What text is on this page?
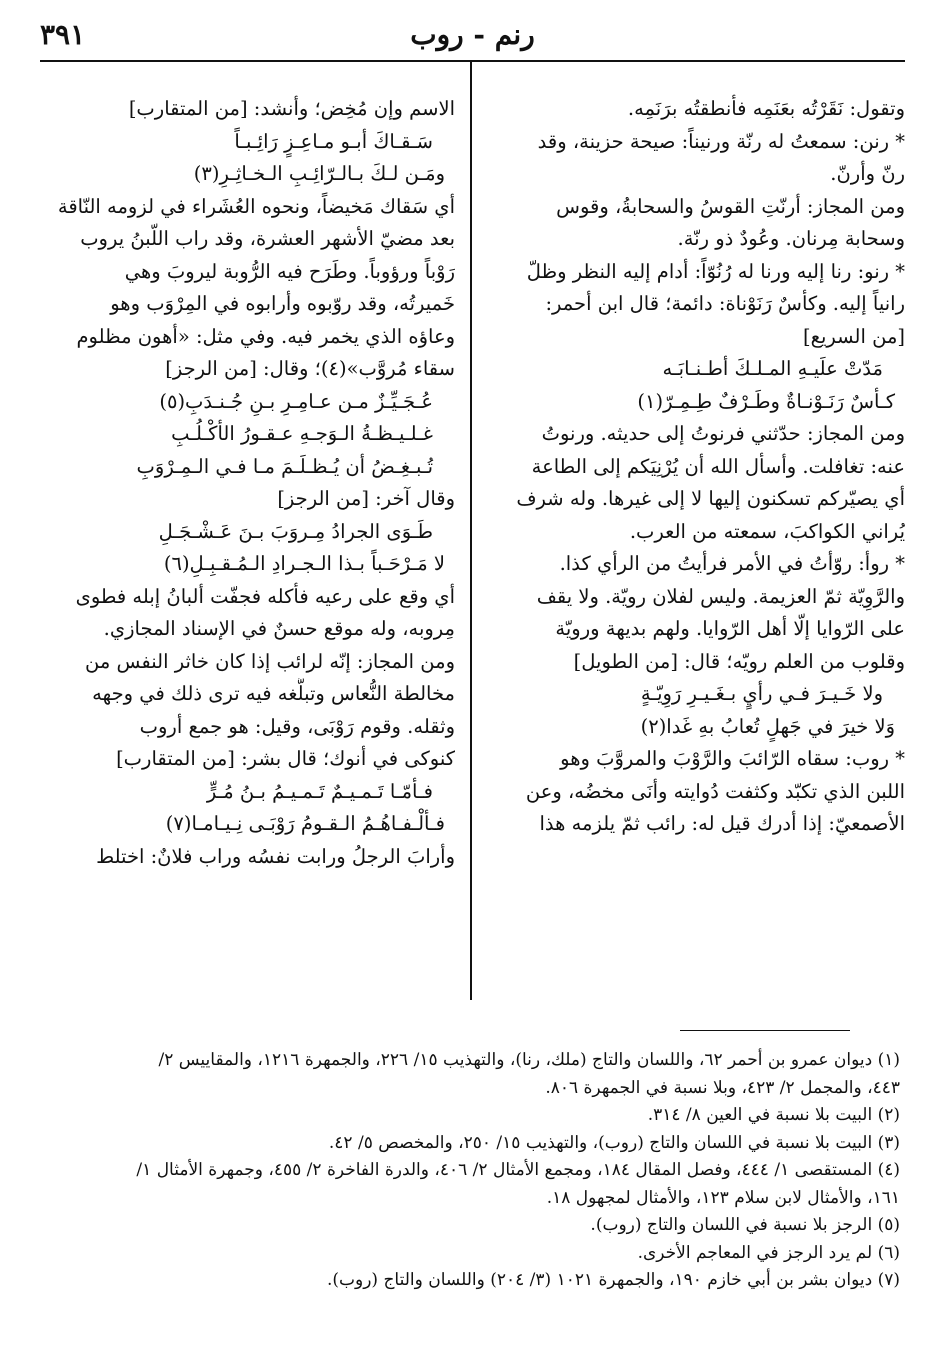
رنم - روب
٣٩١
وتقول: نَقَرْتُه بعَنَمِه فأنطقتُه برَنَمِه.
* رنن: سمعتُ له رنّة ورنيناً: صيحة حزينة، وقد
رنّ وأرنّ.
ومن المجاز: أرنّتِ القوسُ والسحابةُ، وقوس
وسحابة مِرنان. وعُودٌ ذو رنّة.
* رنو: رنا إليه ورنا له رُنُوّاً: أدام إليه النظر وظلّ
رانياً إليه. وكأسٌ رَنَوْناة: دائمة؛ قال ابن أحمر:
[من السريع]
مَدّتْ علَيـهِ المـلـكَ أطـنـابَـه
كـأسٌ رَنَـوْنـاةٌ وطَـرْفٌ طِـمِـرّ(١)
ومن المجاز: حدّثني فرنوتُ إلى حديثه. ورنوتُ
عنه: تغافلت. وأسأل الله أن يُرْنِيَكم إلى الطاعة
أي يصيّركم تسكنون إليها لا إلى غيرها. وله شرف
يُراني الكواكبَ، سمعته من العرب.
* روأ: روّأتُ في الأمر فرأيتُ من الرأي كذا.
والرَّوِيّة ثمّ العزيمة. وليس لفلان رويّة. ولا يقف
على الرّوايا إلّا أهل الرّوايا. ولهم بديهة ورويّة
وقلوب من العلم رويّه؛ قال: [من الطويل]
ولا خَـيـرَ فـي رأيٍ بـغَـيـرِ رَوِيّـةٍ
وَلا خيرَ في جَهلٍ تُعابُ بهِ غَدا(٢)
* روب: سقاه الرّائبَ والرَّوْبَ والمروَّبَ وهو
اللبن الذي تكبّد وكثفت دُوايته وأنَى مخضُه، وعن
الأصمعيّ: إذا أدرك قيل له: رائب ثمّ يلزمه هذا
الاسم وإن مُخِض؛ وأنشد: [من المتقارب]
سَـقـاكَ أبـو مـاعِـزٍ رَائِـبـاً
ومَـن لـكَ بـالـرّائِـبِ الـخـاثِـرِ(٣)
أي سَقاك مَخيضاً، ونحوه العُشَراء في لزومه النّاقة
بعد مضيّ الأشهر العشرة، وقد راب اللّبنُ يروب
رَوْباً ورؤوباً. وطَرَح فيه الرُّوبة ليروبَ وهي
خَميرتُه، وقد روّبوه وأرابوه في المِرْوَب وهو
وعاؤه الذي يخمر فيه. وفي مثل: «أهون مظلوم
سقاء مُروَّب»(٤)؛ وقال: [من الرجز]
عُـجَـيِّـزٌ مـن عـامِـرِ بـنِ جُـنـدَبِ(٥)
غـلـيـظـةُ الـوَجـهِ عـقـورُ الأكْـلُـبِ
تُـبـغِـضُ أن يُـظـلَـمَ مـا فـي الـمِـرْوَبِ
وقال آخر: [من الرجز]
طَـوَى الجرادُ مِـروَبَ بـنَ عَـشْـجَـلِ
لا مَـرْحَـباً بـذا الـجـرادِ الـمُـقـبِـلِ(٦)
أي وقع على رعيه فأكله فجفّت ألبانُ إبله فطوى
مِروبه، وله موقع حسنٌ في الإسناد المجازي.
ومن المجاز: إنّه لرائب إذا كان خاثر النفس من
مخالطة النُّعاس وتبلُّغه فيه ترى ذلك في وجهه
وثقله. وقوم رَوْبَى، وقيل: هو جمع أروب
كنوكى في أنوك؛ قال بشر: [من المتقارب]
فـأمّـا تَـمـيـمٌ تَـمـيـمُ بـنُ مُـرٍّ
فـألْـفـاهُـمُ الـقـومُ رَوْبَـى نِـيـامـا(٧)
وأرابَ الرجلُ ورابت نفسُه وراب فلانٌ: اختلط
(١) ديوان عمرو بن أحمر ٦٢، واللسان والتاج (ملك، رنا)، والتهذيب ١٥/ ٢٢٦، والجمهرة ١٢١٦، والمقاييس ٢/
٤٤٣، والمجمل ٢/ ٤٢٣، وبلا نسبة في الجمهرة ٨٠٦.
(٢) البيت بلا نسبة في العين ٨/ ٣١٤.
(٣) البيت بلا نسبة في اللسان والتاج (روب)، والتهذيب ١٥/ ٢٥٠، والمخصص ٥/ ٤٢.
(٤) المستقصى ١/ ٤٤٤، وفصل المقال ١٨٤، ومجمع الأمثال ٢/ ٤٠٦، والدرة الفاخرة ٢/ ٤٥٥، وجمهرة الأمثال ١/
١٦١، والأمثال لابن سلام ١٢٣، والأمثال لمجهول ١٨.
(٥) الرجز بلا نسبة في اللسان والتاج (روب).
(٦) لم يرد الرجز في المعاجم الأخرى.
(٧) ديوان بشر بن أبي خازم ١٩٠، والجمهرة ١٠٢١ (٣/ ٢٠٤) واللسان والتاج (روب).
